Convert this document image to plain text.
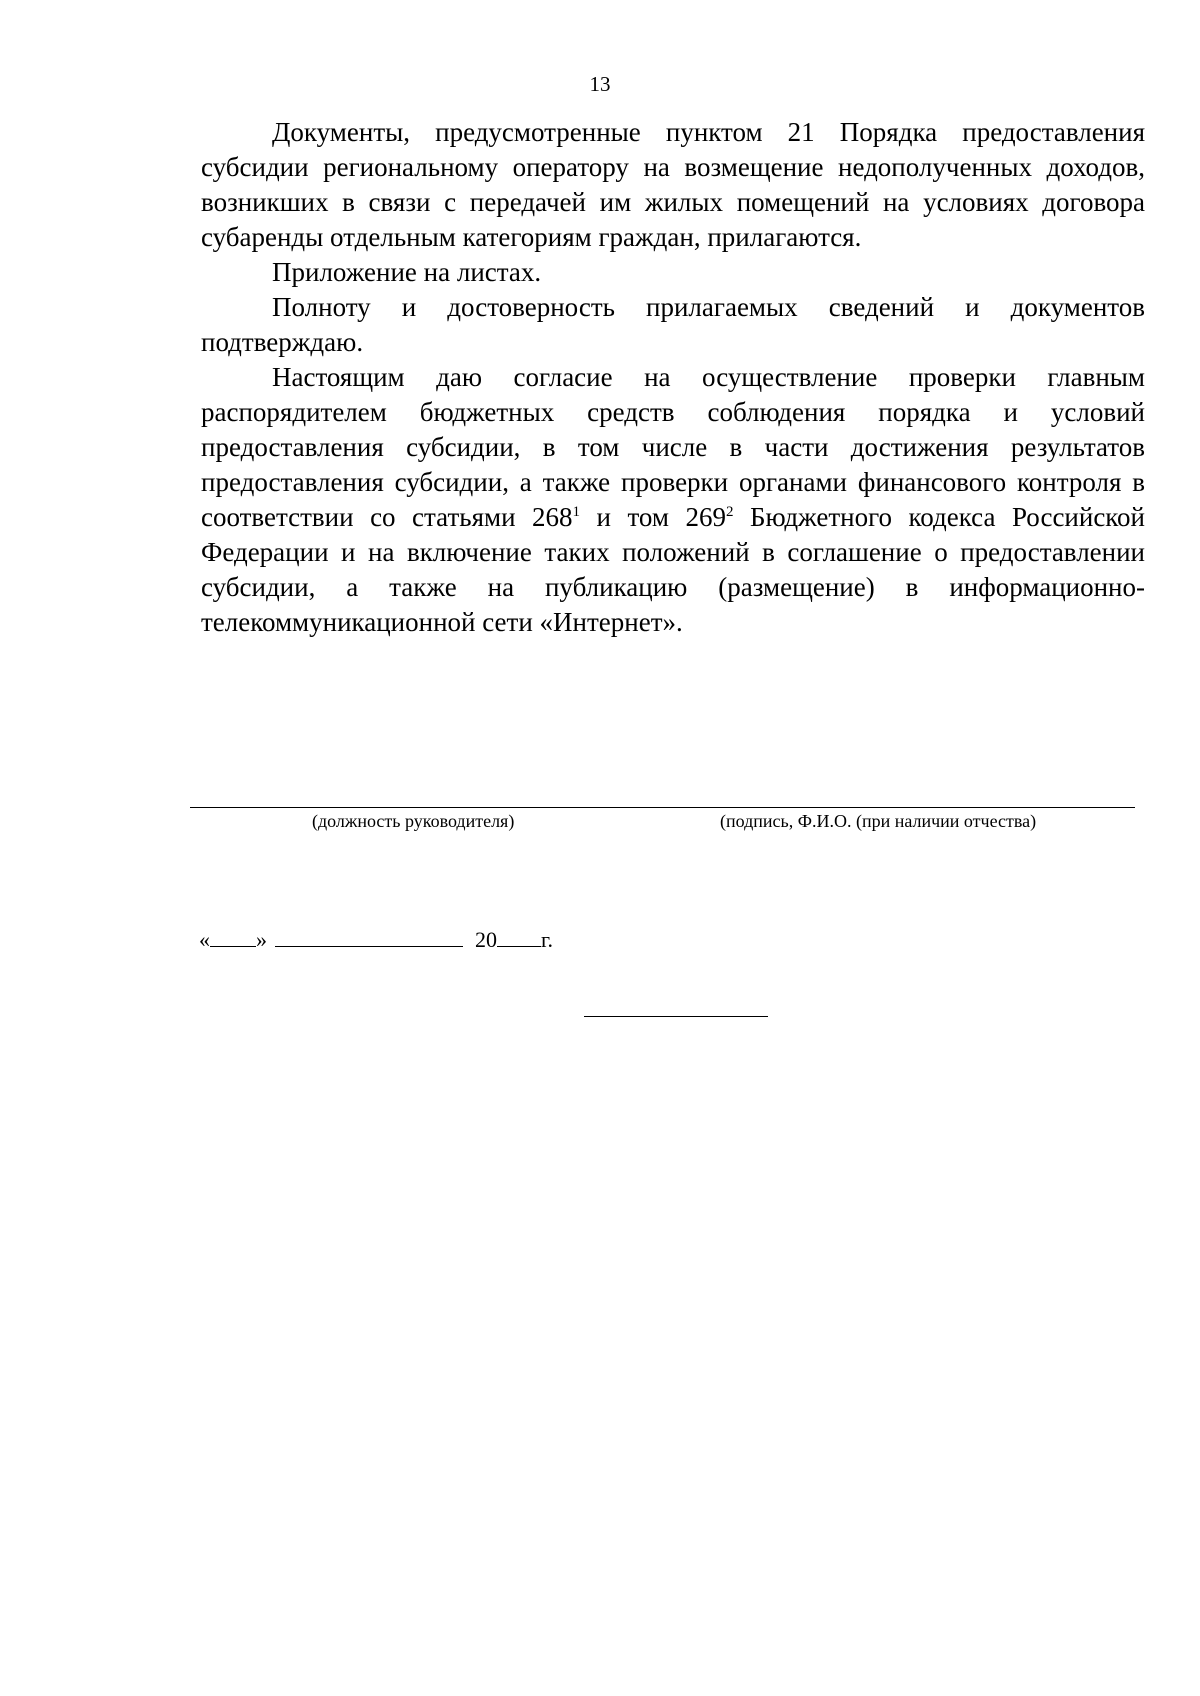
13

Документы, предусмотренные пунктом 21 Порядка предоставления субсидии региональному оператору на возмещение недополученных доходов, возникших в связи с передачей им жилых помещений на условиях договора субаренды отдельным категориям граждан, прилагаются.

Приложение на листах.

Полноту и достоверность прилагаемых сведений и документов подтверждаю.

Настоящим даю согласие на осуществление проверки главным распорядителем бюджетных средств соблюдения порядка и условий предоставления субсидии, в том числе в части достижения результатов предоставления субсидии, а также проверки органами финансового контроля в соответствии со статьями $268^1$ и том $269^2$ Бюджетного кодекса Российской Федерации и на включение таких положений в соглашение о предоставлении субсидии, а также на публикацию (размещение) в информационно-телекоммуникационной сети «Интернет».

(должность руководителя)	(подпись, Ф.И.О. (при наличии отчества)
« »	20 г.
